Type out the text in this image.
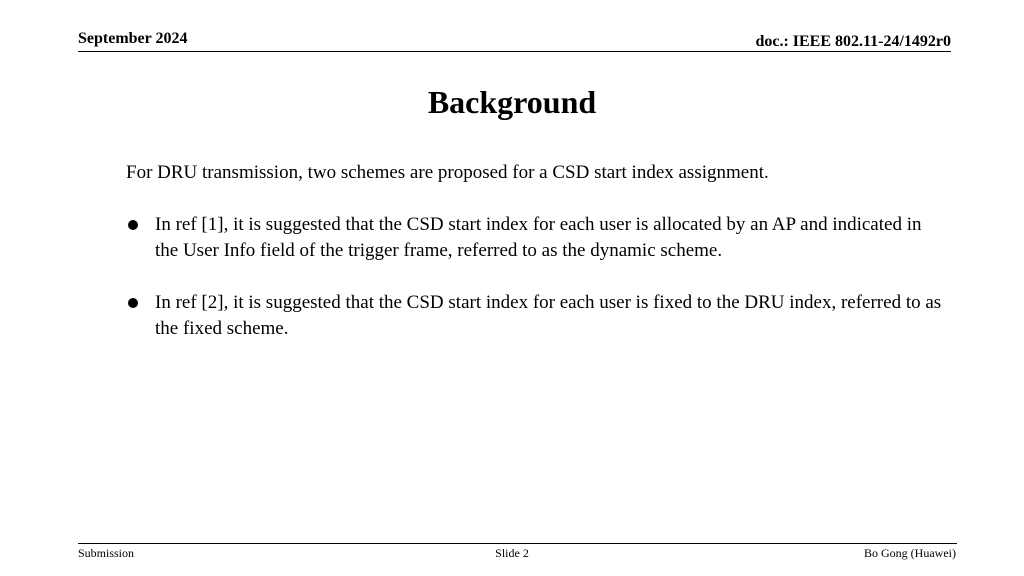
September 2024	doc.: IEEE 802.11-24/1492r0
Background

For DRU transmission, two schemes are proposed for a CSD start index assignment.

In ref [1], it is suggested that the CSD start index for each user is allocated by an AP and indicated in the User Info field of the trigger frame, referred to as the dynamic scheme.
In ref [2], it is suggested that the CSD start index for each user is fixed to the DRU index, referred to as the fixed scheme.
Submission	Slide 2	Bo Gong (Huawei)
